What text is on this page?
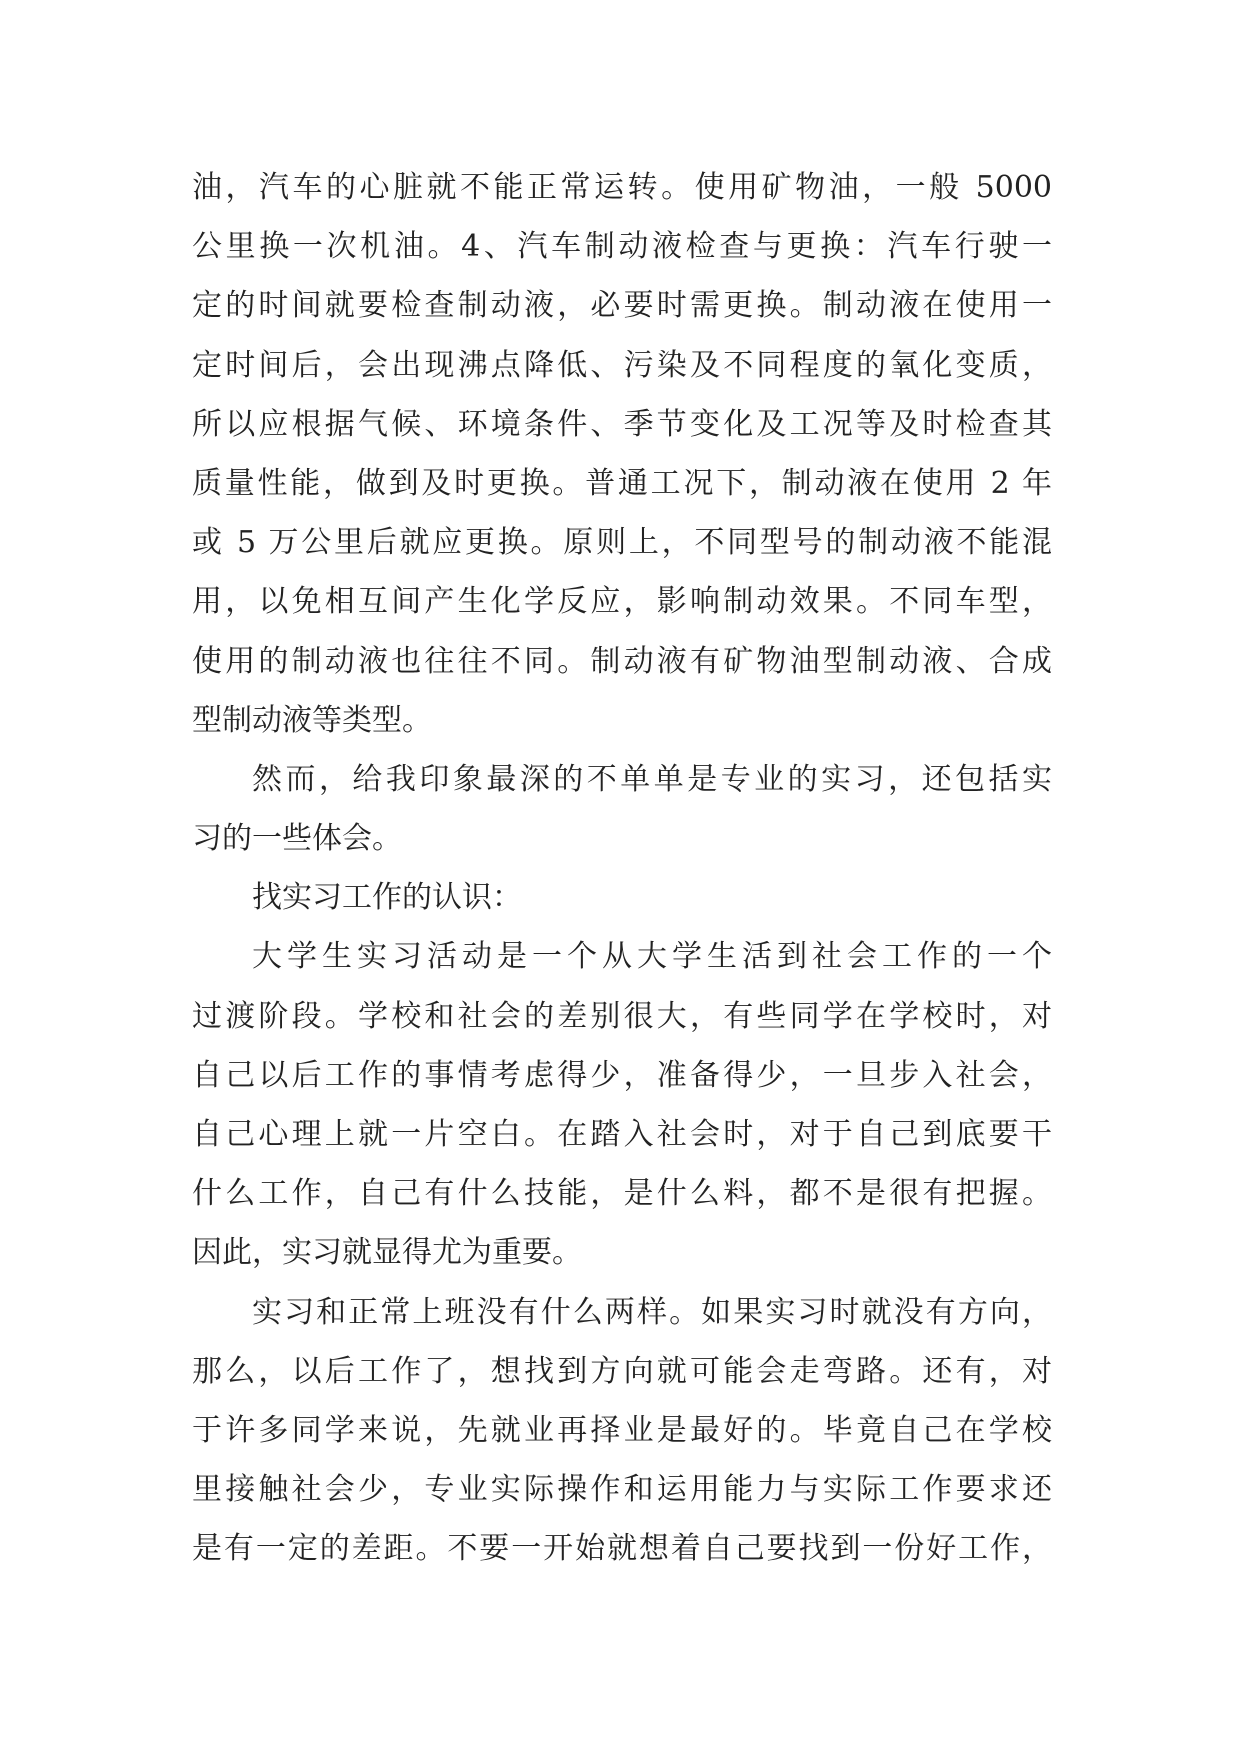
油，汽车的心脏就不能正常运转。使用矿物油，一般 5000
公里换一次机油。4、汽车制动液检查与更换：汽车行驶一
定的时间就要检查制动液，必要时需更换。制动液在使用一
定时间后，会出现沸点降低、污染及不同程度的氧化变质，
所以应根据气候、环境条件、季节变化及工况等及时检查其
质量性能，做到及时更换。普通工况下，制动液在使用 2 年
或 5 万公里后就应更换。原则上，不同型号的制动液不能混
用，以免相互间产生化学反应，影响制动效果。不同车型，
使用的制动液也往往不同。制动液有矿物油型制动液、合成
型制动液等类型。
然而，给我印象最深的不单单是专业的实习，还包括实
习的一些体会。
找实习工作的认识：
大学生实习活动是一个从大学生活到社会工作的一个
过渡阶段。学校和社会的差别很大，有些同学在学校时，对
自己以后工作的事情考虑得少，准备得少，一旦步入社会，
自己心理上就一片空白。在踏入社会时，对于自己到底要干
什么工作，自己有什么技能，是什么料，都不是很有把握。
因此，实习就显得尤为重要。
实习和正常上班没有什么两样。如果实习时就没有方向，
那么，以后工作了，想找到方向就可能会走弯路。还有，对
于许多同学来说，先就业再择业是最好的。毕竟自己在学校
里接触社会少，专业实际操作和运用能力与实际工作要求还
是有一定的差距。不要一开始就想着自己要找到一份好工作，
